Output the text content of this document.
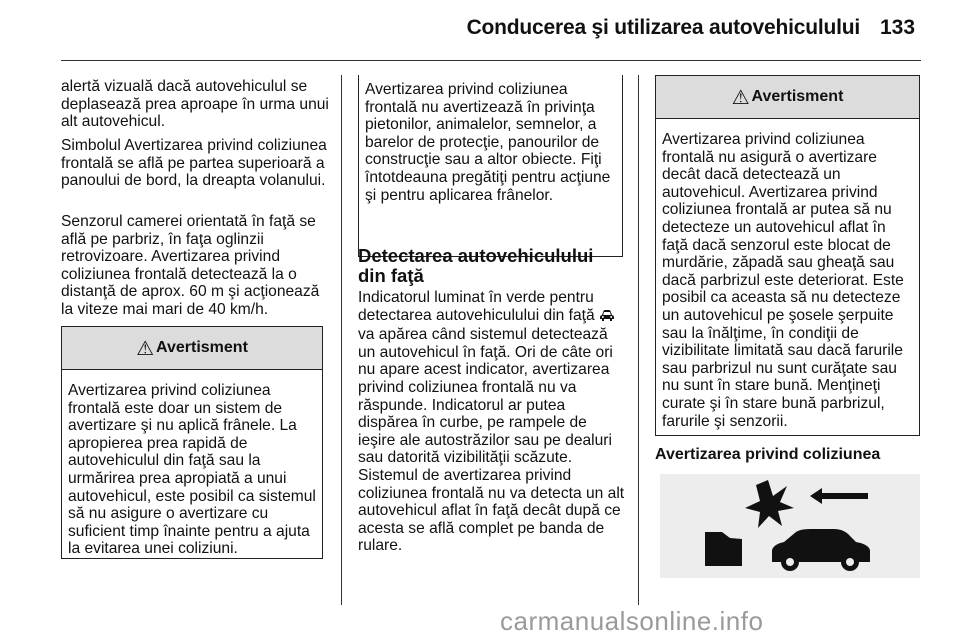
Conducerea şi utilizarea autovehiculului 133

alertă vizuală dacă autovehiculul se deplasează prea aproape în urma unui alt autovehicul.

Simbolul Avertizarea privind coliziunea frontală se află pe partea superioară a panoului de bord, la dreapta volanului.

Senzorul camerei orientată în faţă se află pe parbriz, în faţa oglinzii retrovizoare. Avertizarea privind coliziunea frontală detectează la o distanţă de aprox. 60 m şi acţionează la viteze mai mari de 40 km/h.

⚠ Avertisment
Avertizarea privind coliziunea frontală este doar un sistem de avertizare şi nu aplică frânele. La apropierea prea rapidă de autovehiculul din faţă sau la urmărirea prea apropiată a unui autovehicul, este posibil ca sistemul să nu asigure o avertizare cu suficient timp înainte pentru a ajuta la evitarea unei coliziuni.
Avertizarea privind coliziunea frontală nu avertizează în privinţa pietonilor, animalelor, semnelor, a barelor de protecţie, panourilor de construcţie sau a altor obiecte. Fiţi întotdeauna pregătiţi pentru acţiune şi pentru aplicarea frânelor.
Detectarea autovehiculului din faţă

Indicatorul luminat în verde pentru detectarea autovehiculului din faţă  va apărea când sistemul detectează un autovehicul în faţă. Ori de câte ori nu apare acest indicator, avertizarea privind coliziunea frontală nu va răspunde. Indicatorul ar putea dispărea în curbe, pe rampele de ieşire ale autostrăzilor sau pe dealuri sau datorită vizibilităţii scăzute. Sistemul de avertizarea privind coliziunea frontală nu va detecta un alt autovehicul aflat în faţă decât după ce acesta se află complet pe banda de rulare.

⚠ Avertisment
Avertizarea privind coliziunea frontală nu asigură o avertizare decât dacă detectează un autovehicul. Avertizarea privind coliziunea frontală ar putea să nu detecteze un autovehicul aflat în faţă dacă senzorul este blocat de murdărie, zăpadă sau gheaţă sau dacă parbrizul este deteriorat. Este posibil ca aceasta să nu detecteze un autovehicul pe şosele şerpuite sau la înălţime, în condiţii de vizibilitate limitată sau dacă farurile sau parbrizul nu sunt curăţate sau nu sunt în stare bună. Menţineţi curate şi în stare bună parbrizul, farurile şi senzorii.
Avertizarea privind coliziunea
carmanualsonline.info
